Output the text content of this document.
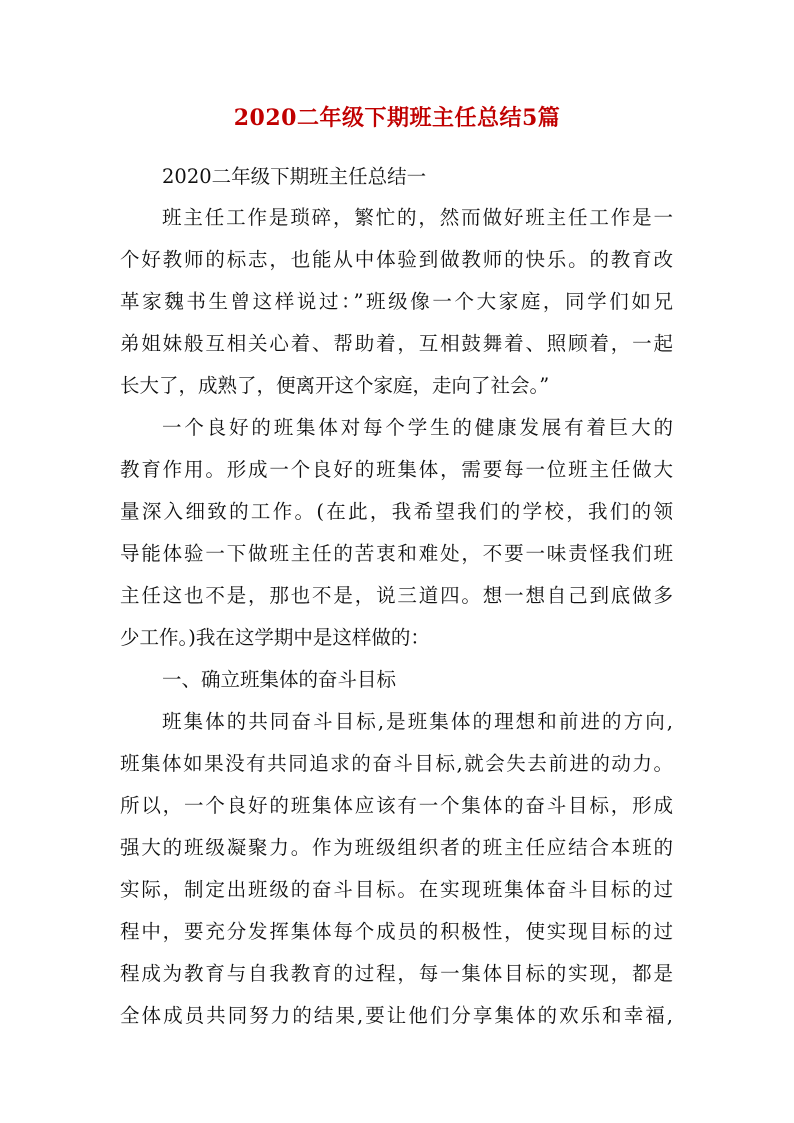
2020二年级下期班主任总结5篇
2020二年级下期班主任总结一
班主任工作是琐碎，繁忙的，然而做好班主任工作是一
个好教师的标志，也能从中体验到做教师的快乐。的教育改
革家魏书生曾这样说过：”班级像一个大家庭，同学们如兄
弟姐妹般互相关心着、帮助着，互相鼓舞着、照顾着，一起
长大了，成熟了，便离开这个家庭，走向了社会。”
一个良好的班集体对每个学生的健康发展有着巨大的
教育作用。形成一个良好的班集体，需要每一位班主任做大
量深入细致的工作。(在此，我希望我们的学校，我们的领
导能体验一下做班主任的苦衷和难处，不要一味责怪我们班
主任这也不是，那也不是，说三道四。想一想自己到底做多
少工作。)我在这学期中是这样做的：
一、确立班集体的奋斗目标
班集体的共同奋斗目标,是班集体的理想和前进的方向,
班集体如果没有共同追求的奋斗目标,就会失去前进的动力。
所以，一个良好的班集体应该有一个集体的奋斗目标，形成
强大的班级凝聚力。作为班级组织者的班主任应结合本班的
实际，制定出班级的奋斗目标。在实现班集体奋斗目标的过
程中，要充分发挥集体每个成员的积极性，使实现目标的过
程成为教育与自我教育的过程，每一集体目标的实现，都是
全体成员共同努力的结果,要让他们分享集体的欢乐和幸福,
